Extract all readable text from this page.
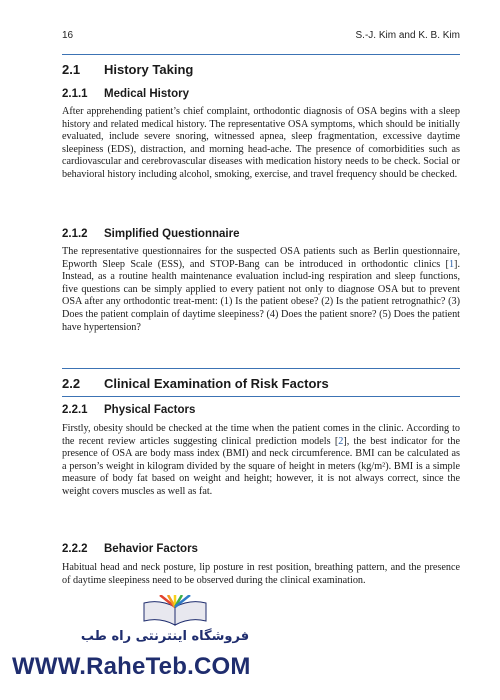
16	S.-J. Kim and K. B. Kim
2.1	History Taking
2.1.1	Medical History

After apprehending patient’s chief complaint, orthodontic diagnosis of OSA begins with a sleep history and related medical history. The representative OSA symptoms, which should be initially evaluated, include severe snoring, witnessed apnea, sleep fragmentation, excessive daytime sleepiness (EDS), distraction, and morning head-ache. The presence of comorbidities such as cardiovascular and cerebrovascular diseases with medication history needs to be check. Social or behavioral history including alcohol, smoking, exercise, and travel frequency should be checked.

2.1.2	Simplified Questionnaire

The representative questionnaires for the suspected OSA patients such as Berlin questionnaire, Epworth Sleep Scale (ESS), and STOP-Bang can be introduced in orthodontic clinics [1]. Instead, as a routine health maintenance evaluation includ-ing respiration and sleep functions, five questions can be simply applied to every patient not only to diagnose OSA but to prevent OSA after any orthodontic treat-ment: (1) Is the patient obese? (2) Is the patient retrognathic? (3) Does the patient complain of daytime sleepiness? (4) Does the patient snore? (5) Does the patient have hypertension?

2.2	Clinical Examination of Risk Factors
2.2.1	Physical Factors

Firstly, obesity should be checked at the time when the patient comes in the clinic. According to the recent review articles suggesting clinical prediction models [2], the best indicator for the presence of OSA are body mass index (BMI) and neck circumference. BMI can be calculated as a person’s weight in kilogram divided by the square of height in meters (kg/m²). BMI is a simple measure of body fat based on weight and height; however, it is not always correct, since the weight covers muscles as well as fat.

2.2.2	Behavior Factors

Habitual head and neck posture, lip posture in rest position, breathing pattern, and the presence of daytime sleepiness need to be observed during the clinical examination.

فروشگاه اینترنتی راه طب
WWW.RaheTeb.COM
